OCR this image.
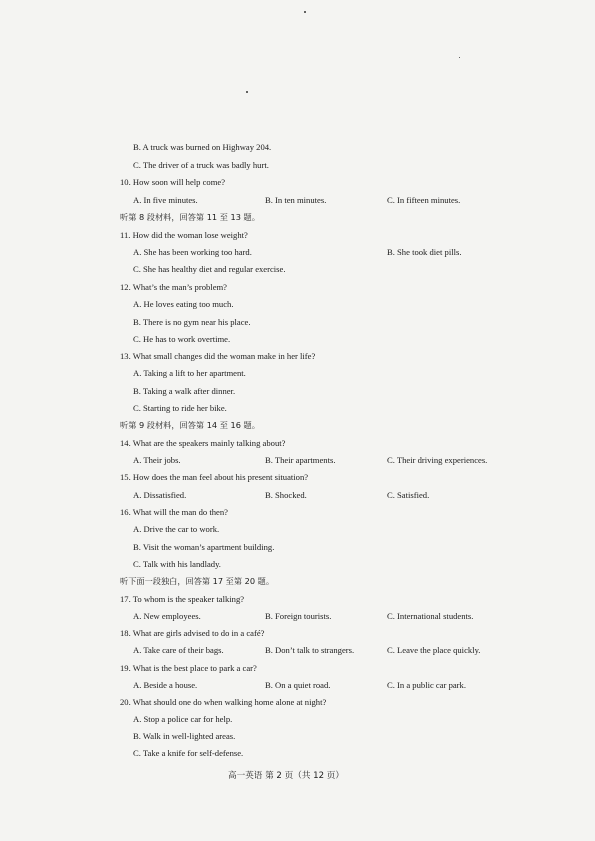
B. A truck was burned on Highway 204.
C. The driver of a truck was badly hurt.
10. How soon will help come?
A. In five minutes.	B. In ten minutes.	C. In fifteen minutes.
听第 8 段材料，回答第 11 至 13 题。
11. How did the woman lose weight?
A. She has been working too hard.	B. She took diet pills.
C. She has healthy diet and regular exercise.
12. What’s the man’s problem?
A. He loves eating too much.
B. There is no gym near his place.
C. He has to work overtime.
13. What small changes did the woman make in her life?
A. Taking a lift to her apartment.
B. Taking a walk after dinner.
C. Starting to ride her bike.
听第 9 段材料，回答第 14 至 16 题。
14. What are the speakers mainly talking about?
A. Their jobs.	B. Their apartments.	C. Their driving experiences.
15. How does the man feel about his present situation?
A. Dissatisfied.	B. Shocked.	C. Satisfied.
16. What will the man do then?
A. Drive the car to work.
B. Visit the woman’s apartment building.
C. Talk with his landlady.
听下面一段独白，回答第 17 至第 20 题。
17. To whom is the speaker talking?
A. New employees.	B. Foreign tourists.	C. International students.
18. What are girls advised to do in a café?
A. Take care of their bags.	B. Don’t talk to strangers.	C. Leave the place quickly.
19. What is the best place to park a car?
A. Beside a house.	B. On a quiet road.	C. In a public car park.
20. What should one do when walking home alone at night?
A. Stop a police car for help.
B. Walk in well-lighted areas.
C. Take a knife for self-defense.
高一英语 第 2 页（共 12 页）
